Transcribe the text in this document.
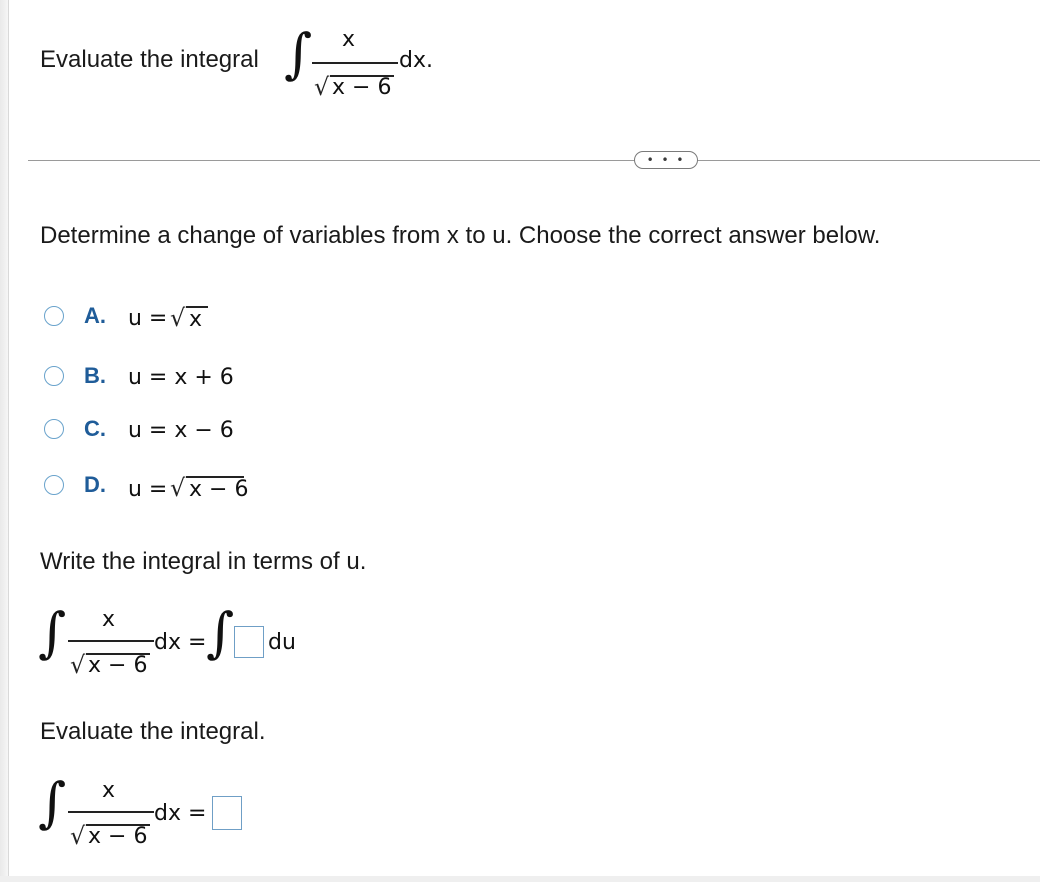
Evaluate the integral ∫ x
√ x − 6
dx.
• • •
Determine a change of variables from x to u. Choose the correct answer below.
A. u = √ x
B. u = x + 6
C. u = x − 6
D. u = √ x − 6
Write the integral in terms of u.
∫ x
√ x − 6
dx = ∫ du
Evaluate the integral.
∫ x
√ x − 6
dx =
